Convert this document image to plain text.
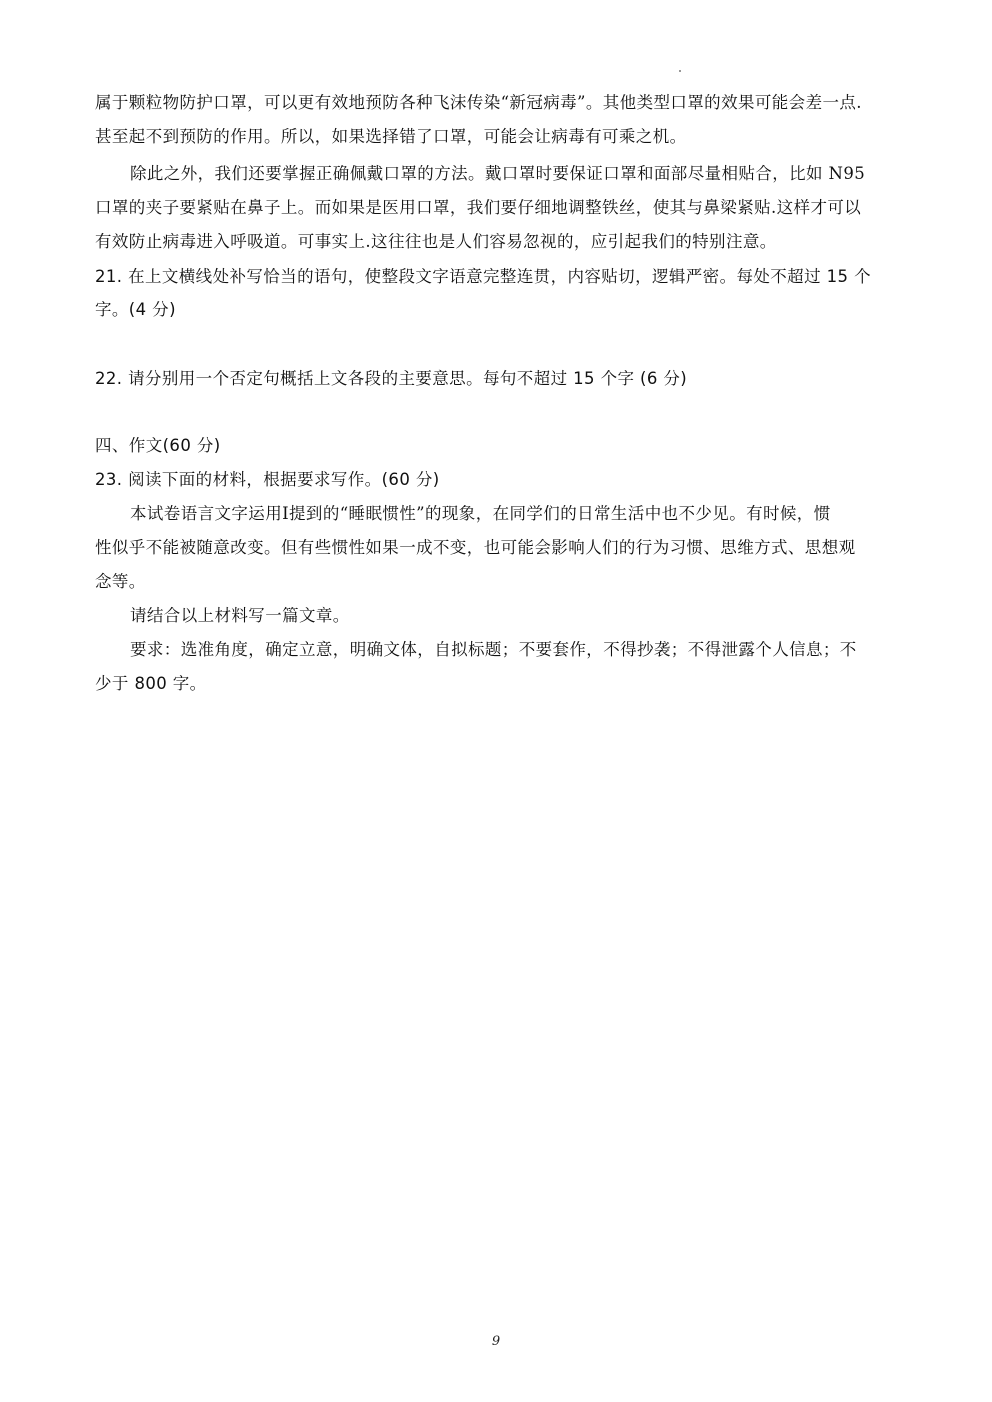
属于颗粒物防护口罩，可以更有效地预防各种飞沫传染“新冠病毒”。其他类型口罩的效果可能会差一点.
甚至起不到预防的作用。所以，如果选择错了口罩，可能会让病毒有可乘之机。
除此之外，我们还要掌握正确佩戴口罩的方法。戴口罩时要保证口罩和面部尽量相贴合，比如 N95
口罩的夹子要紧贴在鼻子上。而如果是医用口罩，我们要仔细地调整铁丝，使其与鼻梁紧贴.这样才可以
有效防止病毒进入呼吸道。可事实上.这往往也是人们容易忽视的，应引起我们的特别注意。
21. 在上文横线处补写恰当的语句，使整段文字语意完整连贯，内容贴切，逻辑严密。每处不超过 15 个
字。(4 分)
22. 请分别用一个否定句概括上文各段的主要意思。每句不超过 15 个字 (6 分)
四、作文(60 分)
23. 阅读下面的材料，根据要求写作。(60 分)
本试卷语言文字运用Ⅰ提到的“睡眠惯性”的现象，在同学们的日常生活中也不少见。有时候，惯
性似乎不能被随意改变。但有些惯性如果一成不变，也可能会影响人们的行为习惯、思维方式、思想观
念等。
请结合以上材料写一篇文章。
要求：选准角度，确定立意，明确文体，自拟标题；不要套作，不得抄袭；不得泄露个人信息；不
少于 800 字。
9
